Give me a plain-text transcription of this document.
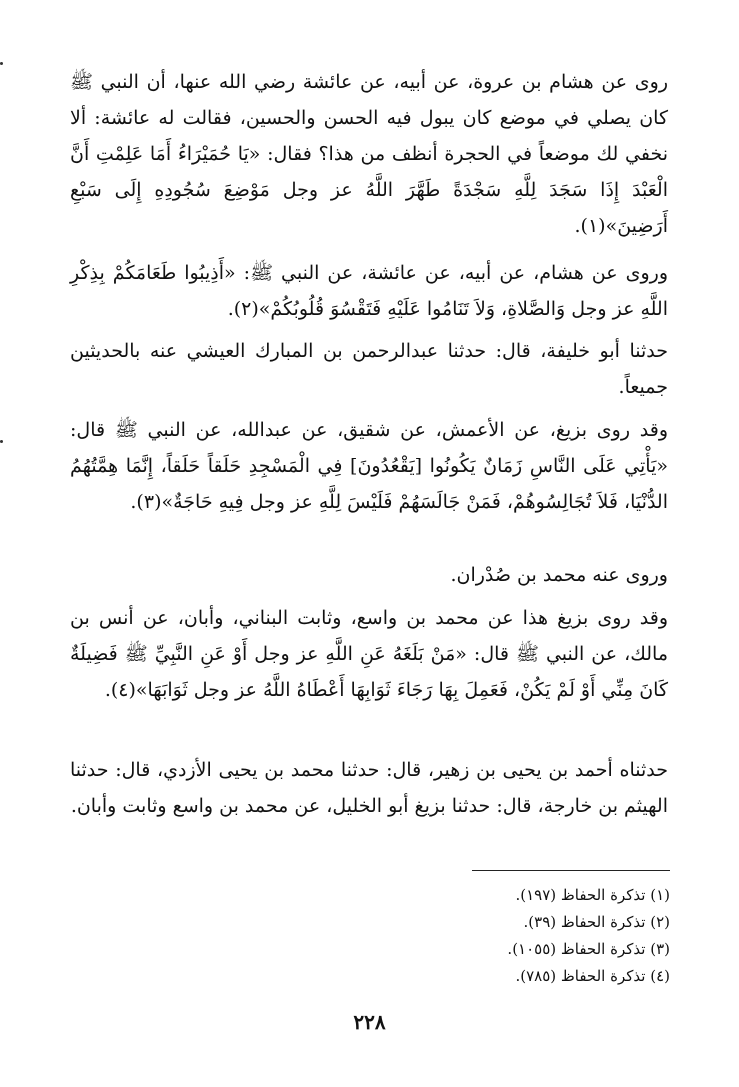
روى عن هشام بن عروة، عن أبيه، عن عائشة رضي الله عنها، أن النبي ﷺ كان يصلي في موضع كان يبول فيه الحسن والحسين، فقالت له عائشة: ألا نخفي لك موضعاً في الحجرة أنظف من هذا؟ فقال: «يَا حُمَيْرَاءُ أَمَا عَلِمْتِ أَنَّ الْعَبْدَ إِذَا سَجَدَ لِلَّهِ سَجْدَةً طَهَّرَ اللَّهُ عز وجل مَوْضِعَ سُجُودِهِ إِلَى سَبْعِ أَرَضِينَ»(١).

وروى عن هشام، عن أبيه، عن عائشة، عن النبي ﷺ: «أَذِيبُوا طَعَامَكُمْ بِذِكْرِ اللَّهِ عز وجل وَالصَّلاةِ، وَلاَ تَنَامُوا عَلَيْهِ فَتَقْسُوَ قُلُوبُكُمْ»(٢).

حدثنا أبو خليفة، قال: حدثنا عبدالرحمن بن المبارك العيشي عنه بالحديثين جميعاً.

وقد روى بزيغ، عن الأعمش، عن شقيق، عن عبدالله، عن النبي ﷺ قال: «يَأْتِي عَلَى النَّاسِ زَمَانٌ يَكُونُوا [يَقْعُدُونَ] فِي الْمَسْجِدِ حَلَقاً حَلَقاً، إِنَّمَا هِمَّتُهُمُ الدُّنْيَا، فَلاَ تُجَالِسُوهُمْ، فَمَنْ جَالَسَهُمْ فَلَيْسَ لِلَّهِ عز وجل فِيهِ حَاجَةٌ»(٣).

وروى عنه محمد بن صُدْران.

وقد روى بزيغ هذا عن محمد بن واسع، وثابت البناني، وأبان، عن أنس بن مالك، عن النبي ﷺ قال: «مَنْ بَلَغَهُ عَنِ اللَّهِ عز وجل أَوْ عَنِ النَّبِيِّ ﷺ فَضِيلَةٌ كَانَ مِنِّي أَوْ لَمْ يَكُنْ، فَعَمِلَ بِهَا رَجَاءَ ثَوَابِهَا أَعْطَاهُ اللَّهُ عز وجل ثَوَابَهَا»(٤).

حدثناه أحمد بن يحيى بن زهير، قال: حدثنا محمد بن يحيى الأزدي، قال: حدثنا الهيثم بن خارجة، قال: حدثنا بزيغ أبو الخليل، عن محمد بن واسع وثابت وأبان.

(١) تذكرة الحفاظ (١٩٧).
(٢) تذكرة الحفاظ (٣٩).
(٣) تذكرة الحفاظ (١٠٥٥).
(٤) تذكرة الحفاظ (٧٨٥).
٢٢٨
